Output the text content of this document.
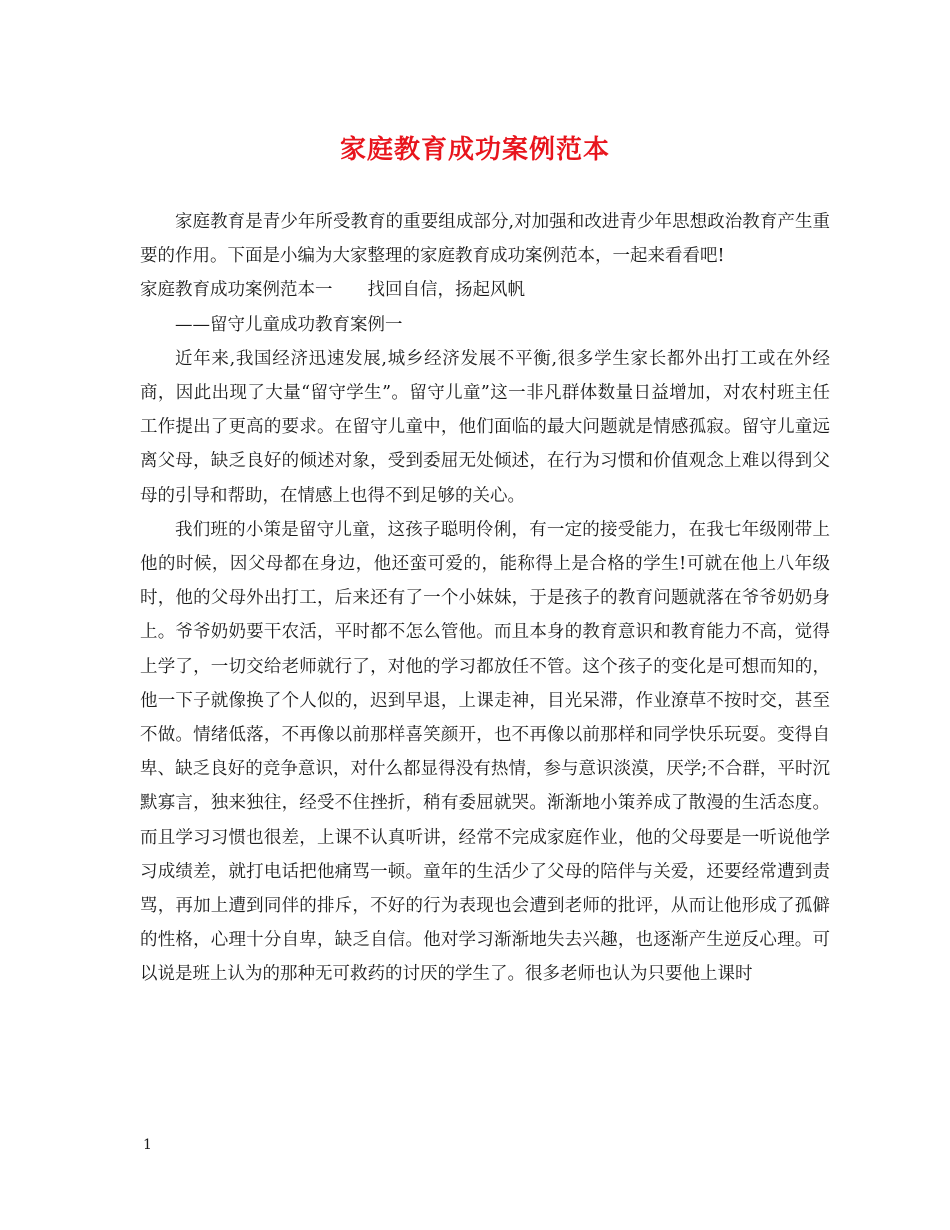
家庭教育成功案例范本

家庭教育是青少年所受教育的重要组成部分,对加强和改进青少年思想政治教育产生重要的作用。下面是小编为大家整理的家庭教育成功案例范本，一起来看看吧!

家庭教育成功案例范本一　　找回自信，扬起风帆

——留守儿童成功教育案例一

近年来,我国经济迅速发展,城乡经济发展不平衡,很多学生家长都外出打工或在外经商，因此出现了大量“留守学生”。留守儿童”这一非凡群体数量日益增加，对农村班主任工作提出了更高的要求。在留守儿童中，他们面临的最大问题就是情感孤寂。留守儿童远离父母，缺乏良好的倾述对象，受到委屈无处倾述，在行为习惯和价值观念上难以得到父母的引导和帮助，在情感上也得不到足够的关心。

我们班的小策是留守儿童，这孩子聪明伶俐，有一定的接受能力，在我七年级刚带上他的时候，因父母都在身边，他还蛮可爱的，能称得上是合格的学生!可就在他上八年级时，他的父母外出打工，后来还有了一个小妹妹，于是孩子的教育问题就落在爷爷奶奶身上。爷爷奶奶要干农活，平时都不怎么管他。而且本身的教育意识和教育能力不高，觉得上学了，一切交给老师就行了，对他的学习都放任不管。这个孩子的变化是可想而知的，他一下子就像换了个人似的，迟到早退，上课走神，目光呆滞，作业潦草不按时交，甚至不做。情绪低落，不再像以前那样喜笑颜开，也不再像以前那样和同学快乐玩耍。变得自卑、缺乏良好的竞争意识，对什么都显得没有热情，参与意识淡漠，厌学;不合群，平时沉默寡言，独来独往，经受不住挫折，稍有委屈就哭。渐渐地小策养成了散漫的生活态度。而且学习习惯也很差，上课不认真听讲，经常不完成家庭作业，他的父母要是一听说他学习成绩差，就打电话把他痛骂一顿。童年的生活少了父母的陪伴与关爱，还要经常遭到责骂，再加上遭到同伴的排斥，不好的行为表现也会遭到老师的批评，从而让他形成了孤僻的性格，心理十分自卑，缺乏自信。他对学习渐渐地失去兴趣，也逐渐产生逆反心理。可以说是班上认为的那种无可救药的讨厌的学生了。很多老师也认为只要他上课时

1
